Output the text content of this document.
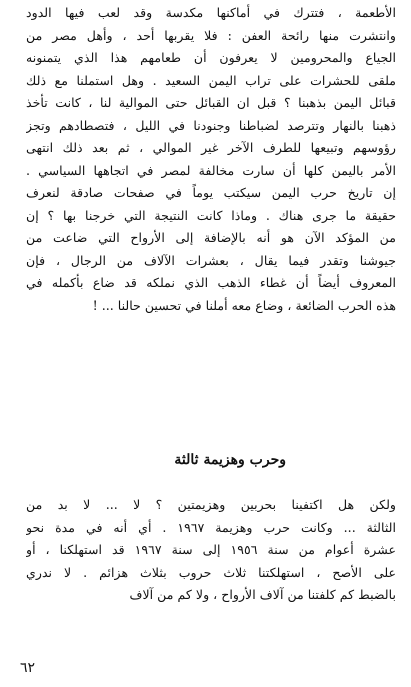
الأطعمة ، فتترك في أماكنها مكدسة وقد لعب فيها الدود
وانتشرت منها رائحة العفن : فلا يقربها أحد ، وأهل مصر من
الجياع والمحرومين لا يعرفون أن طعامهم هذا الذي يتمنونه
ملقى للحشرات على تراب اليمن السعيد . وهل استملنا مع ذلك
قبائل اليمن بذهبنا ؟ قبل ان القبائل حتى الموالية لنا ، كانت تأخذ
ذهبنا بالنهار وتترصد لضباطنا وجنودنا في الليل ، فتصطادهم وتجز
رؤوسهم وتبيعها للطرف الآخر غير الموالي ، ثم بعد ذلك انتهى
الأمر باليمن كلها أن سارت مخالفة لمصر في اتجاهها السياسي .
إن تاريخ حرب اليمن سيكتب يوماً في صفحات صادقة لنعرف
حقيقة ما جرى هناك . وماذا كانت النتيجة التي خرجنا بها ؟ إن
من المؤكد الآن هو أنه بالإضافة إلى الأرواح التي ضاعت من
جيوشنا وتقدر فيما يقال ، بعشرات الآلاف من الرجال ، فإن
المعروف أيضاً أن غطاء الذهب الذي نملكه قد ضاع بأكمله في
هذه الحرب الضائعة ، وضاع معه أملنا في تحسين حالنا ... !
وحرب وهزيمة ثالثة
ولكن هل اكتفينا بحربين وهزيمتين ؟ لا ... لا بد من
الثالثة ... وكانت حرب وهزيمة ١٩٦٧ . أي أنه في مدة نحو
عشرة أعوام من سنة ١٩٥٦ إلى سنة ١٩٦٧ قد استهلكنا ، أو
على الأصح ، استهلكتنا ثلاث حروب بثلاث هزائم . لا ندري
بالضبط كم كلفتنا من آلاف الأرواح ، ولا كم من آلاف
٦٢
